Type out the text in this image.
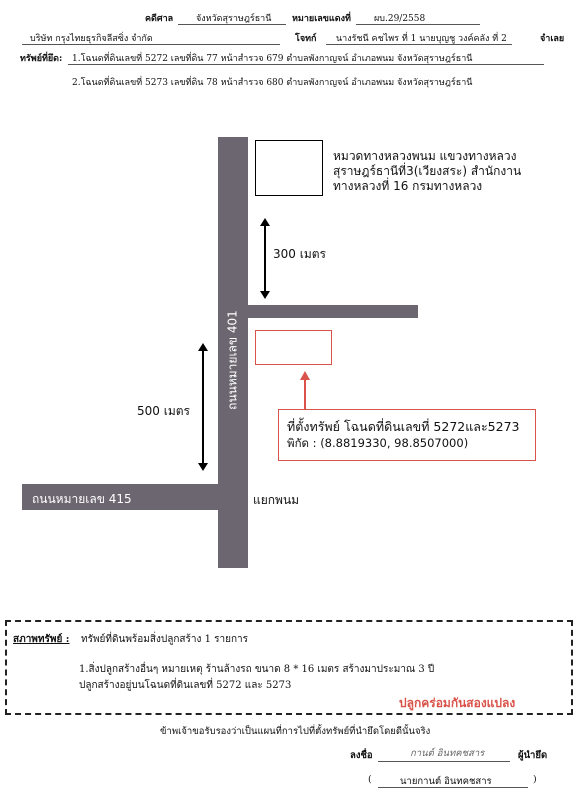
คดีศาล	จังหวัดสุราษฎร์ธานี หมายเลขแดงที่	ผบ.29/2558
บริษัท กรุงไทยธุรกิจลีสซิ่ง จำกัด	โจทก์ นางรัชนี คชไพร ที่ 1 นายบุญชู วงค์คลัง ที่ 2	จำเลย
ทรัพย์ที่ยึด: 1.โฉนดที่ดินเลขที่ 5272 เลขที่ดิน 77 หน้าสำรวจ 679 ตำบลพังกาญจน์ อำเภอพนม จังหวัดสุราษฎร์ธานี
2.โฉนดที่ดินเลขที่ 5273 เลขที่ดิน 78 หน้าสำรวจ 680 ตำบลพังกาญจน์ อำเภอพนม จังหวัดสุราษฎร์ธานี
ถนนหมายเลข 401
ถนนหมายเลข 415	แยกพนม
หมวดทางหลวงพนม แขวงทางหลวง
สุราษฎร์ธานีที่3(เวียงสระ) สำนักงาน
ทางหลวงที่ 16 กรมทางหลวง
300 เมตร
500 เมตร
ที่ตั้งทรัพย์ โฉนดที่ดินเลขที่ 5272และ5273
พิกัด : (8.8819330, 98.8507000)
สภาพทรัพย์ : ทรัพย์ที่ดินพร้อมสิ่งปลูกสร้าง 1 รายการ
1.สิ่งปลูกสร้างอื่นๆ หมายเหตุ ร้านล้างรถ ขนาด 8 * 16 เมตร สร้างมาประมาณ 3 ปี
ปลูกสร้างอยู่บนโฉนดที่ดินเลขที่ 5272 และ 5273
ปลูกคร่อมกันสองแปลง
ข้าพเจ้าขอรับรองว่าเป็นแผนที่การไปที่ตั้งทรัพย์ที่นำยึดโดยดีนั้นจริง
ลงชื่อ	กานต์ อินทคชสาร	ผู้นำยึด
(	นายกานต์ อินทคชสาร	)
